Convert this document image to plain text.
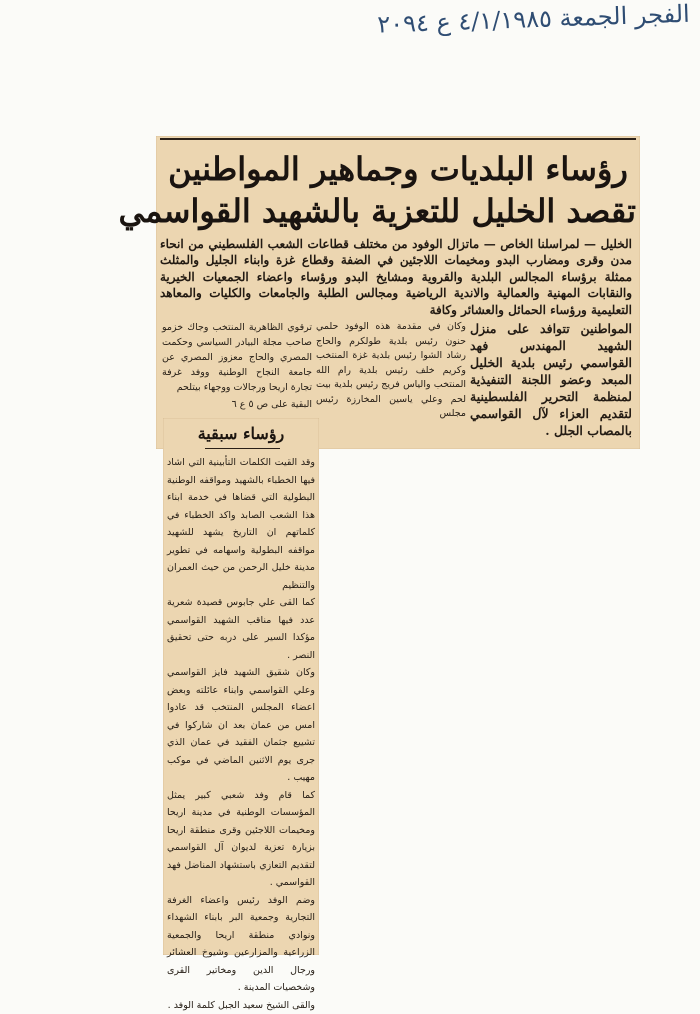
الفجر الجمعة ٤/١/١٩٨٥ ع ٢٠٩٤
رؤساء البلديات وجماهير المواطنين
تقصد الخليل للتعزية بالشهيد القواسمي

الخليل — لمراسلنا الخاص — ماتزال الوفود من مختلف قطاعات الشعب الفلسطيني من انحاء مدن وقرى ومضارب البدو ومخيمات اللاجئين في الضفة وقطاع غزة وابناء الجليل والمثلث ممثلة برؤساء المجالس البلدية والقروية ومشايخ البدو ورؤساء واعضاء الجمعيات الخيرية والنقابات المهنية والعمالية والاندية الرياضية ومجالس الطلبة والجامعات والكليات والمعاهد التعليمية ورؤساء الحمائل والعشائر وكافة

المواطنين تتوافد على منزل الشهيد المهندس فهد القواسمي رئيس بلدية الخليل المبعد وعضو اللجنة التنفيذية لمنظمة التحرير الفلسطينية لتقديم العزاء لآل القواسمي بالمصاب الجلل .

وكان في مقدمة هذه الوفود حلمي حنون رئيس بلدية طولكرم والحاج رشاد الشوا رئيس بلدية غزة المنتخب وكريم خلف رئيس بلدية رام الله المنتخب والياس فريج رئيس بلدية بيت لحم وعلي ياسين المخارزة رئيس مجلس

ترقوي الظاهرية المنتخب وجاك خزمو صاحب مجلة البيادر السياسي وحكمت المصري والحاج معزوز المصري عن جامعة النجاح الوطنية ووفد غرفة تجارة اريحا ورجالات ووجهاء بيتلحم
البقية على ص ٥ ع ٦
رؤساء سبقية

وقد القيت الكلمات التأبينية التي اشاد فيها الخطباء بالشهيد ومواقفه الوطنية البطولية التي قضاها في خدمة ابناء هذا الشعب الصابد واكد الخطباء في كلماتهم ان التاريخ يشهد للشهيد مواقفه البطولية واسهامه في تطوير مدينة خليل الرحمن من حيث العمران والتنظيم

كما القى علي جابوس قصيدة شعرية عدد فيها مناقب الشهيد القواسمي مؤكدا السير على دربه حتى تحقيق النصر .

وكان شقيق الشهيد فايز القواسمي وعلي القواسمي وابناء عائلته وبعض اعضاء المجلس المنتخب قد عادوا امس من عمان بعد ان شاركوا في تشييع جثمان الفقيد في عمان الذي جرى يوم الاثنين الماضي في موكب مهيب .

كما قام وفد شعبي كبير يمثل المؤسسات الوطنية في مدينة اريحا ومخيمات اللاجئين وقرى منطقة اريحا بزيارة تعزية لديوان آل القواسمي لتقديم التعازي باستشهاد المناضل فهد القواسمي .

وضم الوفد رئيس واعضاء الغرفة التجارية وجمعية البر بابناء الشهداء ونوادي منطقة اريحا والجمعية الزراعية والمزارعين وشيوخ العشائر ورجال الدين ومخاتير القرى وشخصيات المدينة .

والقى الشيخ سعيد الجبل كلمة الوفد .
